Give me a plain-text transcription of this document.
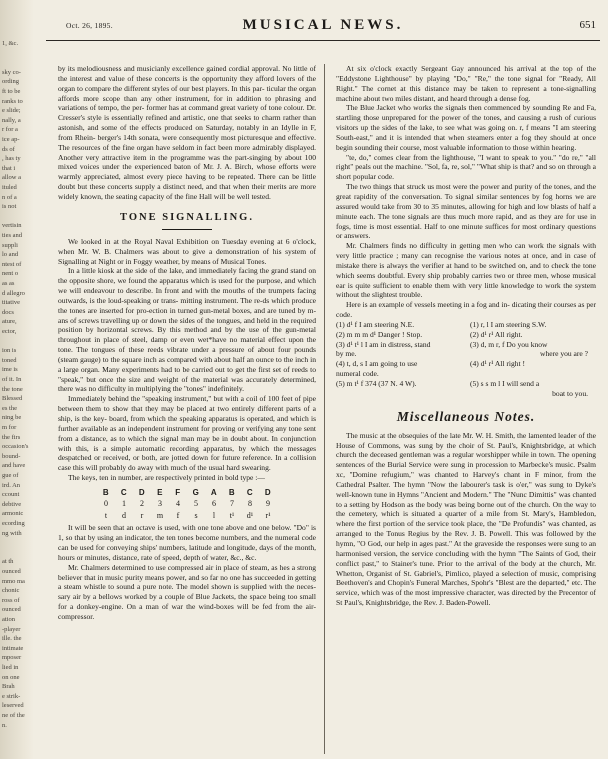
1, &c.
sky co-
ording
ft to be
ranks to
e slide;
nally, a
r for a
ice ap-
ds of
, has ty
that i
allow a
ituled
n of a
is not
vertisin
ties and
suppli
lo and
ntest of
nent o
as as
d allegro
titative
docs
ature,
ector,
ion is
toned
ime is
of it. In
the tone
Blessed
es the
ning be
m for
the firs
occasion's
bound-
and have
gue of
ird. An
ccount
debtive
armonic
ecording
ng with
at th
ounced
mmo ma
chonic
ross of
ounced
ation
-player
ille. the
intimate
mposer
lied in
on one
Brah
e strik-
leserved
ne of the
n.
Oct. 26, 1895.	MUSICAL NEWS.	651

by its melodiousness and musicianly excellence gained cordial approval. No little of the interest and value of these concerts is the opportunity they afford lovers of the organ to compare the different styles of our best players. In this par- ticular the organ affords more scope than any other instrument, for in addition to phrasing and variations of tempo, the per- former has at command great variety of tone colour. Dr. Cresser's style is essentially refined and artistic, one that seeks to charm rather than astonish, and some of the effects produced on Saturday, notably in an Idylle in F, from Rhein- berger's 14th sonata, were consequently most picturesque and effective. The resources of the fine organ have seldom in fact been more admirably displayed. Another very attractive item in the programme was the part-singing by about 100 mixed voices under the experienced baton of Mr. J. A. Birch, whose efforts were warmly appreciated, almost every piece having to be repeated. There can be little doubt but these concerts supply a distinct need, and that when their merits are more widely known, the seating capacity of the fine Hall will be well tested.

TONE SIGNALLING.

We looked in at the Royal Naval Exhibition on Tuesday evening at 6 o'clock, when Mr. W. B. Chalmers was about to give a demonstration of his system of Signalling at Night or in Foggy weather, by means of Musical Tones.

In a little kiosk at the side of the lake, and immediately facing the grand stand on the opposite shore, we found the apparatus which is used for the purpose, and which we will endeavour to describe. In front and with the mouths of the trumpets facing outwards, is the loud-speaking or trans- mitting instrument. The re-ds which produce the tones are inserted for pro-ection in turned gun-metal boxes, and are tuned by m-ans of screws travelling up or down the sides of the tongues, and held in the required position by horizontal screws. By this method and by the use of the gun-metal throughout in place of steel, damp or even wet*have no material effect upon the tone. The tongues of these reeds vibrate under a pressure of about four pounds (steam gauge) to the square inch as compared with about half an ounce to the inch in a large organ. Many experiments had to be carried out to get the first set of reeds to "speak," but once the size and weight of the material was accurately determined, there was no difficulty in multiplying the "tones" indefinitely.

Immediately behind the "speaking instrument," but with a coil of 100 feet of pipe between them to show that they may be placed at two entirely different parts of a ship, is the key- board, from which the speaking apparatus is operated, and which is further available as an independent instrument for proving or verifying any tone sent from a distance, as to which the signal man may be in doubt about. In conjunction with this, is a simple automatic recording apparatus, by which the messages despatched or received, or both, are jotted down for future reference. In a collision case this will probably do away with much of the usual hard swearing.

The keys, ten in number, are respectively printed in bold type :—

B	C	D	E	F	G	A	B	C	D
0	1	2	3	4	5	6	7	8	9
t	d	r	m	f	s	l	t¹	d¹	r¹

It will be seen that an octave is used, with one tone above and one below. "Do" is 1, so that by using an indicator, the ten tones become numbers, and the numeral code can be used for conveying ships' numbers, latitude and longitude, days of the month, hours or minutes, distance, rate of speed, depth of water, &c., &c.

Mr. Chalmers determined to use compressed air in place of steam, as hes a strong believer that in music purity means power, and so far no one has succeeded in getting a steam whistle to sound a pure note. The model shown is supplied with the neces-sary air by a bellows worked by a couple of Blue Jackets, the space being too small for a donkey-engine. On a man of war the wind-boxes will be fed from the air- compressor.

At six o'clock exactly Sergeant Gay announced his arrival at the top of the "Eddystone Lighthouse" by playing "Do," "Re," the tone signal for "Ready, All Right." The cornet at this distance may be taken to represent a tone-signalling machine about two miles distant, and heard through a dense fog.

The Blue Jacket who works the signals then commenced by sounding Re and Fa, startling those unprepared for the power of the tones, and causing a rush of curious visitors up the sides of the lake, to see what was going on. r, f means "I am steering South-east," and it is intended that when steamers enter a fog they should at once begin sounding their course, most valuable information to those within hearing.

"te, do," comes clear from the lighthouse, "I want to speak to you." "do re," "all right" peals out the machine. "Sol, fa, re, sol," "What ship is that? and so on through a short popular code.

The two things that struck us most were the power and purity of the tones, and the great rapidity of the conversation. To signal similar sentences by fog horns we are assured would take from 30 to 35 minutes, allowing for high and low blasts of half a minute each. The tone signals are thus much more rapid, and as they are for use in fogs, time is most essential. Half to one minute suffices for most ordinary questions or answers.

Mr. Chalmers finds no difficulty in getting men who can work the signals with very little practice ; many can recognise the various notes at once, and in case of mistake there is always the verifier at hand to be switched on, and to check the tone which seems doubtful. Every ship probably carries two or three men, whose musical ear is quite sufficient to enable them with very little knowledge to work the system without the slightest trouble.

Here is an example of vessels meeting in a fog and in- dicating their courses as per code.

(1) d¹ f I am steering N.E.	(1) r, l I am steering S.W.
(2) m m m d¹ Danger ! Stop.	(2) d¹ r¹ All right.
(3) d¹ t¹ l I am in distress, stand	(3) d, m r, f Do you know
by me.	where you are ?
(4) t, d, s I am going to use	(4) d¹ r¹ All right !
numeral code.
(5) m t¹ f 374 (37 N. 4 W).	(5) s s m l I will send a
boat to you.
Miscellaneous Notes.

The music at the obsequies of the late Mr. W. H. Smith, the lamented leader of the House of Commons, was sung by the choir of St. Paul's, Knightsbridge, at which church the deceased gentleman was a regular worshipper while in town. The opening sentences of the Burial Service were sung in procession to Marbecke's music. Psalm xc, "Domine refugium," was chanted to Harvey's chant in F minor, from the Cathedral Psalter. The hymn "Now the labourer's task is o'er," was sung to Dyke's well-known tune in Hymns "Ancient and Modern." The "Nunc Dimittis" was chanted to a setting by Hodson as the body was being borne out of the church. On the way to the cemetery, which is situated a quarter of a mile from St. Mary's, Hambledon, where the first portion of the service took place, the "De Profundis" was chanted, as arranged to the Tonus Regius by the Rev. J. B. Powell. This was followed by the hymn, "O God, our help in ages past." At the graveside the responses were sung to an harmonised version, the service concluding with the hymn "The Saints of God, their conflict past," to Stainer's tune. Prior to the arrival of the body at the church, Mr. Whetton, Organist of St. Gabriel's, Pimlico, played a selection of music, comprising Beethoven's and Chopin's Funeral Marches, Spohr's "Blest are the departed," etc. The service, which was of the most impressive character, was directed by the Precentor of St Paul's, Knightsbridge, the Rev. J. Baden-Powell.
